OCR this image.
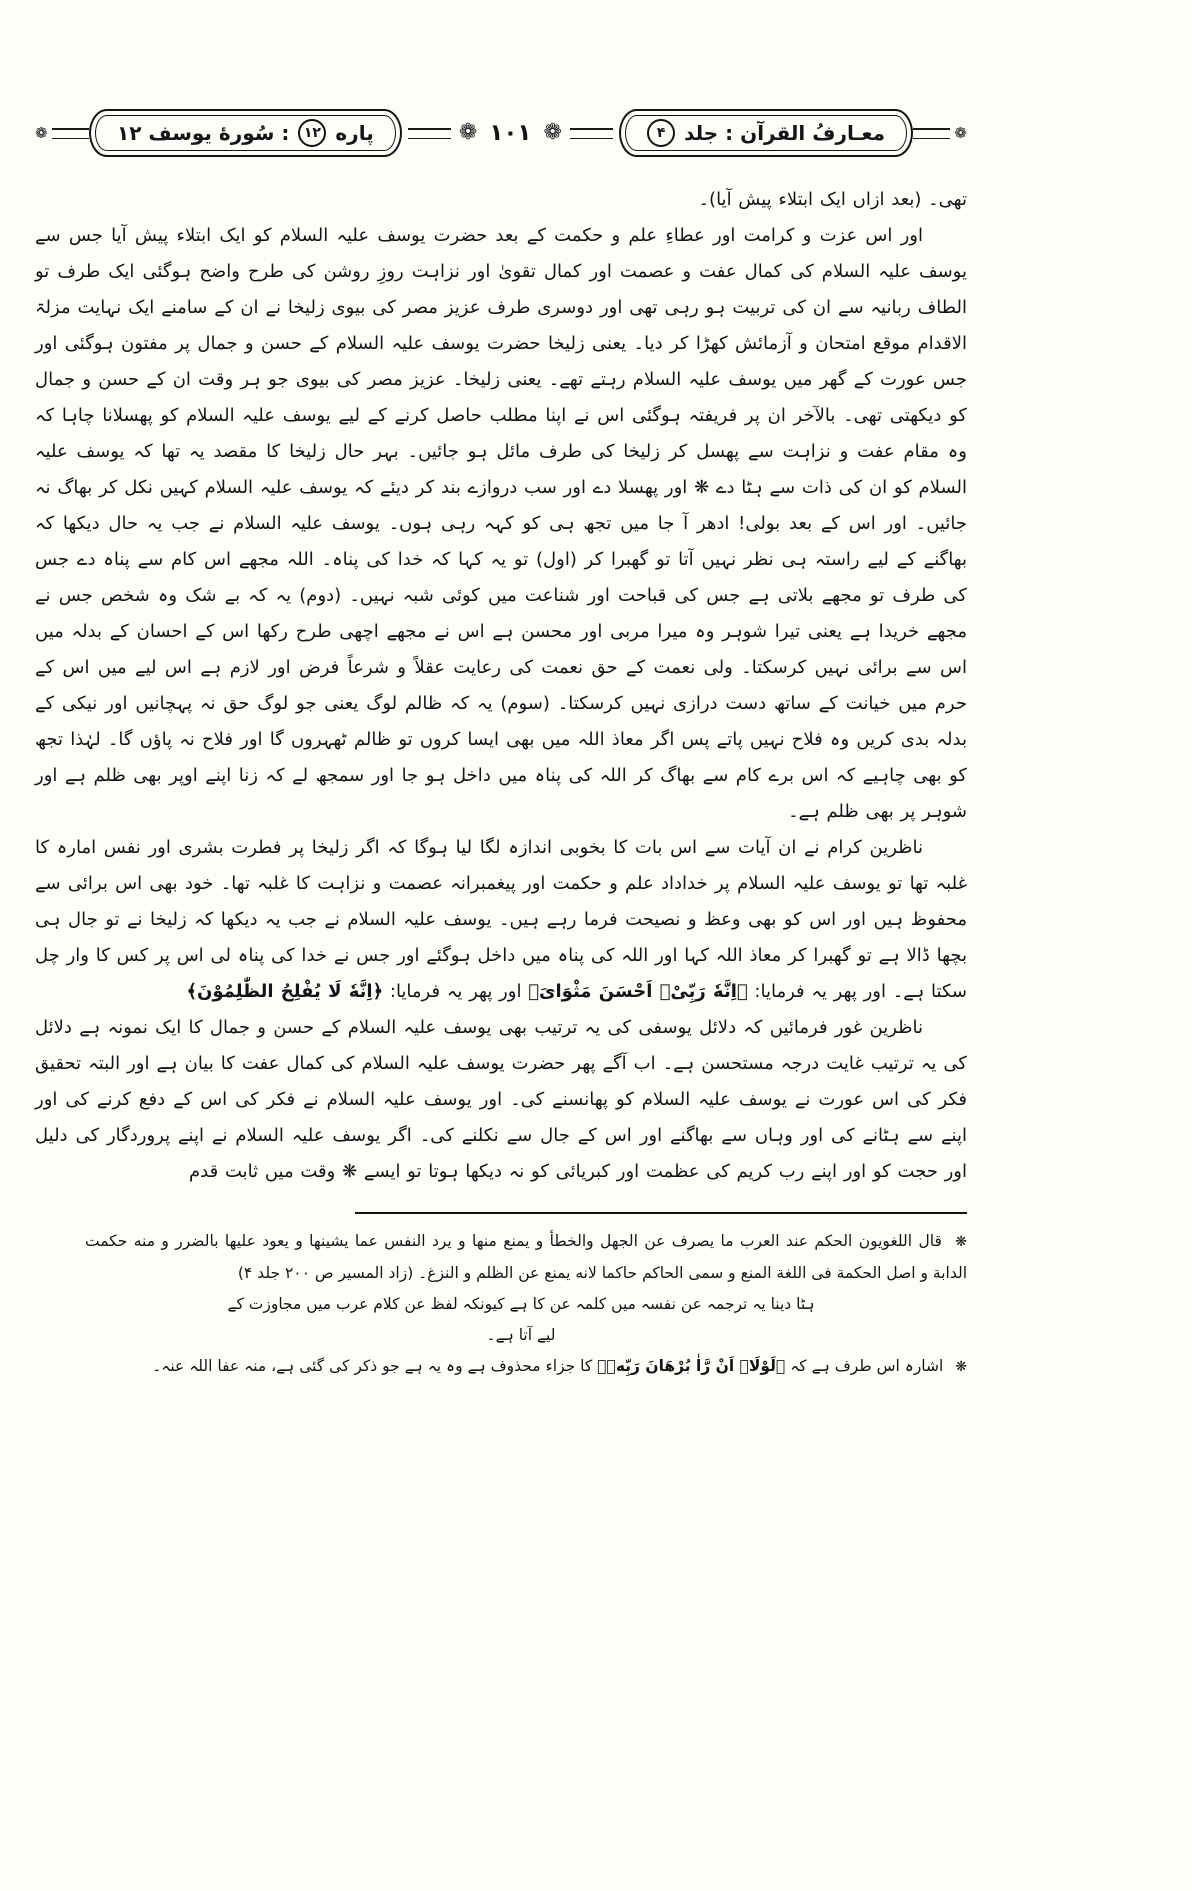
❁
معـارفُ القرآن : جلد
۴
❁
۱۰۱
❁
پاره
۱۲
: سُورهٔ یوسف ۱۲
❁

تھی۔ (بعد ازاں ایک ابتلاء پیش آیا)۔

اور اس عزت و کرامت اور عطاءِ علم و حکمت کے بعد حضرت یوسف علیہ السلام کو ایک ابتلاء پیش آیا جس سے یوسف علیہ السلام کی کمال عفت و عصمت اور کمال تقویٰ اور نزاہت روزِ روشن کی طرح واضح ہوگئی ایک طرف تو الطاف ربانیہ سے ان کی تربیت ہو رہی تھی اور دوسری طرف عزیز مصر کی بیوی زلیخا نے ان کے سامنے ایک نہایت مزلۃ الاقدام موقع امتحان و آزمائش کھڑا کر دیا۔ یعنی زلیخا حضرت یوسف علیہ السلام کے حسن و جمال پر مفتون ہوگئی اور جس عورت کے گھر میں یوسف علیہ السلام رہتے تھے۔ یعنی زلیخا۔ عزیز مصر کی بیوی جو ہر وقت ان کے حسن و جمال کو دیکھتی تھی۔ بالآخر ان پر فریفتہ ہوگئی اس نے اپنا مطلب حاصل کرنے کے لیے یوسف علیہ السلام کو پھسلانا چاہا کہ وہ مقام عفت و نزاہت سے پھسل کر زلیخا کی طرف مائل ہو جائیں۔ بہر حال زلیخا کا مقصد یہ تھا کہ یوسف علیہ السلام کو ان کی ذات سے ہٹا دے ❋ اور پھسلا دے اور سب دروازے بند کر دیئے کہ یوسف علیہ السلام کہیں نکل کر بھاگ نہ جائیں۔ اور اس کے بعد بولی! ادھر آ جا میں تجھ ہی کو کہہ رہی ہوں۔ یوسف علیہ السلام نے جب یہ حال دیکھا کہ بھاگنے کے لیے راستہ ہی نظر نہیں آتا تو گھبرا کر (اول) تو یہ کہا کہ خدا کی پناہ۔ اللہ مجھے اس کام سے پناہ دے جس کی طرف تو مجھے بلاتی ہے جس کی قباحت اور شناعت میں کوئی شبہ نہیں۔ (دوم) یہ کہ بے شک وہ شخص جس نے مجھے خریدا ہے یعنی تیرا شوہر وہ میرا مربی اور محسن ہے اس نے مجھے اچھی طرح رکھا اس کے احسان کے بدلہ میں اس سے برائی نہیں کرسکتا۔ ولی نعمت کے حق نعمت کی رعایت عقلاً و شرعاً فرض اور لازم ہے اس لیے میں اس کے حرم میں خیانت کے ساتھ دست درازی نہیں کرسکتا۔ (سوم) یہ کہ ظالم لوگ یعنی جو لوگ حق نہ پہچانیں اور نیکی کے بدلہ بدی کریں وہ فلاح نہیں پاتے پس اگر معاذ اللہ میں بھی ایسا کروں تو ظالم ٹھہروں گا اور فلاح نہ پاؤں گا۔ لہٰذا تجھ کو بھی چاہیے کہ اس برے کام سے بھاگ کر اللہ کی پناہ میں داخل ہو جا اور سمجھ لے کہ زنا اپنے اوپر بھی ظلم ہے اور شوہر پر بھی ظلم ہے۔

ناظرین کرام نے ان آیات سے اس بات کا بخوبی اندازہ لگا لیا ہوگا کہ اگر زلیخا پر فطرت بشری اور نفس امارہ کا غلبہ تھا تو یوسف علیہ السلام پر خداداد علم و حکمت اور پیغمبرانہ عصمت و نزاہت کا غلبہ تھا۔ خود بھی اس برائی سے محفوظ ہیں اور اس کو بھی وعظ و نصیحت فرما رہے ہیں۔ یوسف علیہ السلام نے جب یہ دیکھا کہ زلیخا نے تو جال ہی بچھا ڈالا ہے تو گھبرا کر معاذ اللہ کہا اور اللہ کی پناہ میں داخل ہوگئے اور جس نے خدا کی پناہ لی اس پر کس کا وار چل سکتا ہے۔ اور پھر یہ فرمایا: ﴿اِنَّهٗ رَبِّیْۤ اَحْسَنَ مَثْوَایَ﴾ اور پھر یہ فرمایا: ﴿اِنَّهٗ لَا یُفْلِحُ الظّٰلِمُوْنَ﴾

ناظرین غور فرمائیں کہ دلائل یوسفی کی یہ ترتیب بھی یوسف علیہ السلام کے حسن و جمال کا ایک نمونہ ہے دلائل کی یہ ترتیب غایت درجہ مستحسن ہے۔ اب آگے پھر حضرت یوسف علیہ السلام کی کمال عفت کا بیان ہے اور البتہ تحقیق فکر کی اس عورت نے یوسف علیہ السلام کو پھانسنے کی۔ اور یوسف علیہ السلام نے فکر کی اس کے دفع کرنے کی اور اپنے سے ہٹانے کی اور وہاں سے بھاگنے اور اس کے جال سے نکلنے کی۔ اگر یوسف علیہ السلام نے اپنے پروردگار کی دلیل اور حجت کو اور اپنے رب کریم کی عظمت اور کبریائی کو نہ دیکھا ہوتا تو ایسے ❋ وقت میں ثابت قدم

❋ قال اللغویون الحکم عند العرب ما یصرف عن الجهل والخطأ و یمنع منها و یرد النفس عما یشینها و یعود علیها بالضرر و منه حکمت الدابة و اصل الحکمة فی اللغة المنع و سمی الحاکم حاکما لانه یمنع عن الظلم و النزغ۔ (زاد المسیر ص ۲۰۰ جلد ۴)

ہٹا دینا یہ ترجمہ عن نفسہ میں کلمہ عن کا ہے کیونکہ لفظ عن کلام عرب میں مجاوزت کے لیے آتا ہے۔

❋ اشارہ اس طرف ہے کہ ﴿لَوْلَاۤ اَنْ رَّاٰ بُرْهَانَ رَبِّهٖ﴾ کا جزاء محذوف ہے وہ یہ ہے جو ذکر کی گئی ہے، منہ عفا اللہ عنہ۔
